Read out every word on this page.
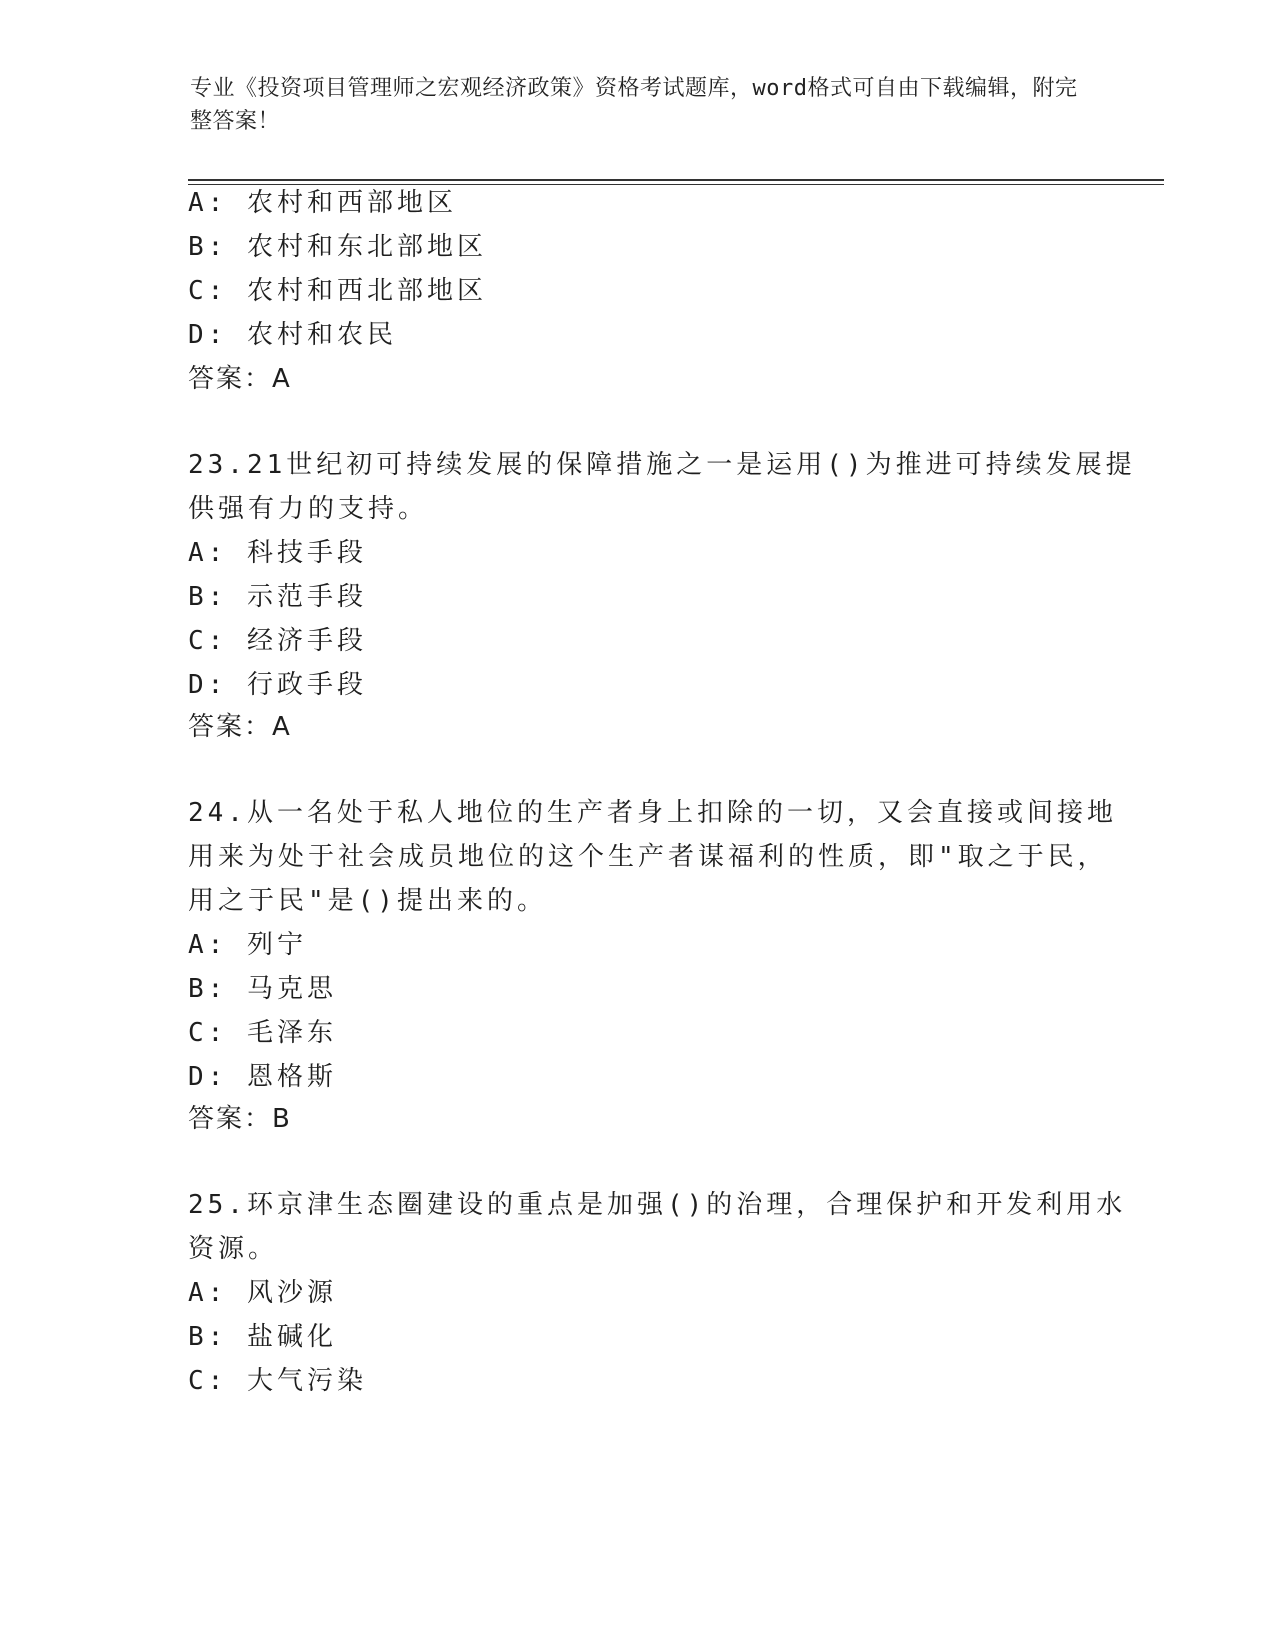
专业《投资项目管理师之宏观经济政策》资格考试题库，word格式可自由下载编辑，附完整答案！
A: 农村和西部地区
B: 农村和东北部地区
C: 农村和西北部地区
D: 农村和农民
答案：A
23.21世纪初可持续发展的保障措施之一是运用()为推进可持续发展提
供强有力的支持。
A: 科技手段
B: 示范手段
C: 经济手段
D: 行政手段
答案：A
24.从一名处于私人地位的生产者身上扣除的一切，又会直接或间接地
用来为处于社会成员地位的这个生产者谋福利的性质，即"取之于民，
用之于民"是()提出来的。
A: 列宁
B: 马克思
C: 毛泽东
D: 恩格斯
答案：B
25.环京津生态圈建设的重点是加强()的治理，合理保护和开发利用水
资源。
A: 风沙源
B: 盐碱化
C: 大气污染
